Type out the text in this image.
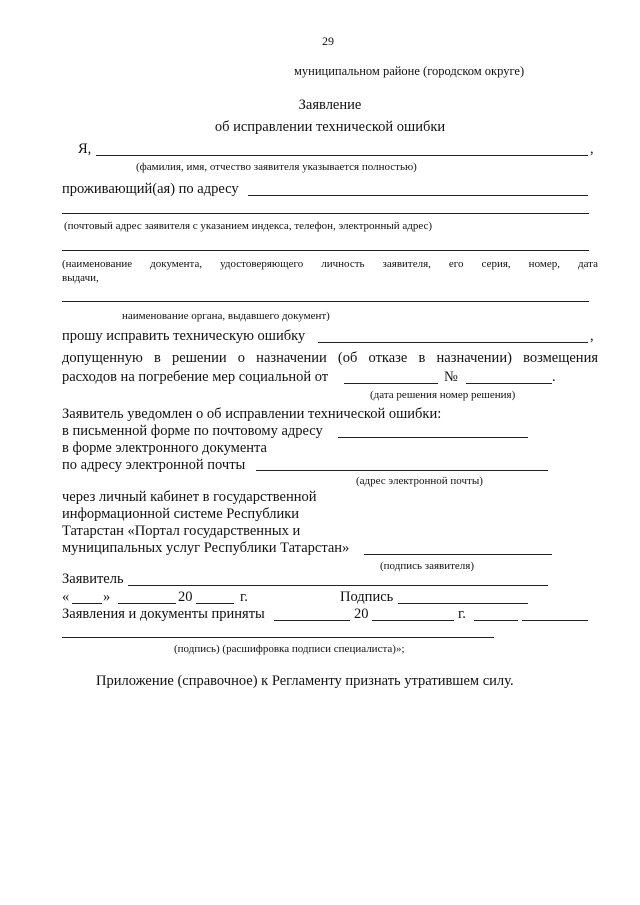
29
муниципальном районе (городском округе)
Заявление
об исправлении технической ошибки
Я,	,
(фамилия, имя, отчество заявителя указывается полностью)
проживающий(ая) по адресу
(почтовый адрес заявителя с указанием индекса, телефон, электронный адрес)
(наименование документа, удостоверяющего личность заявителя, его серия, номер, дата
выдачи,
наименование органа, выдавшего документ)
прошу исправить техническую ошибку	,
допущенную в решении о назначении (об отказе в назначении) возмещения
расходов на погребение мер социальной от	№	.
(дата решения номер решения)
Заявитель уведомлен о об исправлении технической ошибки:
в письменной форме по почтовому адресу
в форме электронного документа
по адресу электронной почты
(адрес электронной почты)
через личный кабинет в государственной
информационной системе Республики
Татарстан «Портал государственных и
муниципальных услуг Республики Татарстан»
(подпись заявителя)
Заявитель
« »	20	г.	Подпись
Заявления и документы приняты	20	г.
(подпись) (расшифровка подписи специалиста)»;
Приложение (справочное) к Регламенту признать утратившем силу.
